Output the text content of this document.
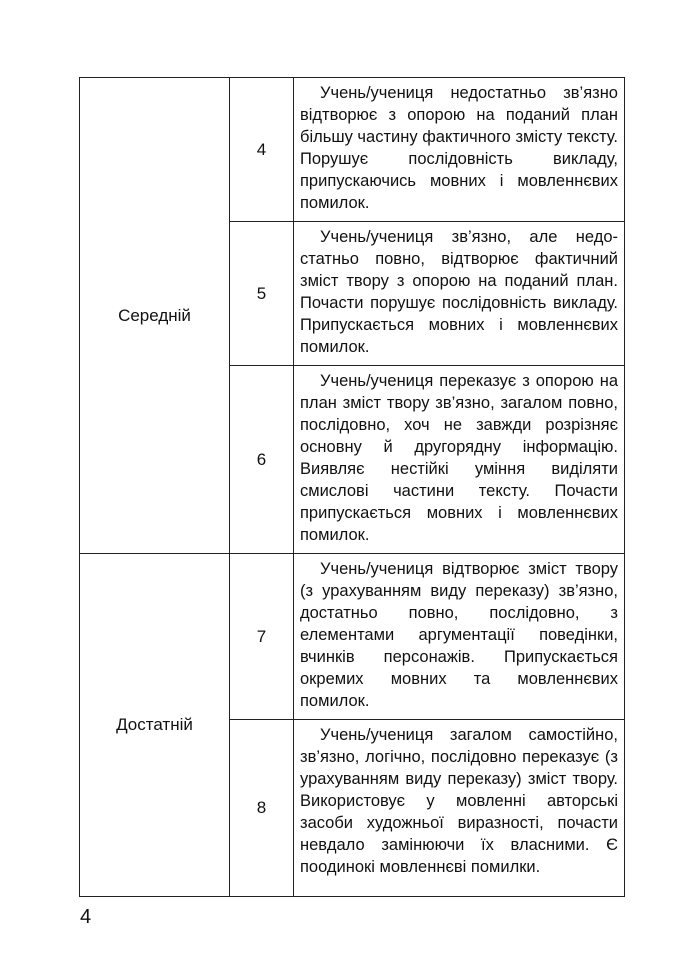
Середній	4	Учень/учениця недостатньо зв’язно відтворює з опорою на поданий план більшу частину фактичного змісту тексту. Порушує послідовність викладу, припускаючись мовних і мовленнєвих помилок.
	5	Учень/учениця зв’язно, але недостатньо повно, відтворює фактичний зміст твору з опорою на поданий план. Почасти порушує послідовність викладу. Припускається мовних і мовленнєвих помилок.
	6	Учень/учениця переказує з опорою на план зміст твору зв’язно, загалом повно, послідовно, хоч не завжди розрізняє основну й другорядну інформацію. Виявляє нестійкі уміння виділяти смислові частини тексту. Почасти припускається мовних і мовленнєвих помилок.
Достатній	7	Учень/учениця відтворює зміст твору (з урахуванням виду переказу) зв’язно, достатньо повно, послідовно, з елементами аргументації поведінки, вчинків персонажів. Припускається окремих мовних та мовленнєвих помилок.
	8	Учень/учениця загалом самостійно, зв’язно, логічно, послідовно переказує (з урахуванням виду переказу) зміст твору. Використовує у мовленні авторські засоби художньої виразності, почасти невдало замінюючи їх власними. Є поодинокі мовленнєві помилки.
4
